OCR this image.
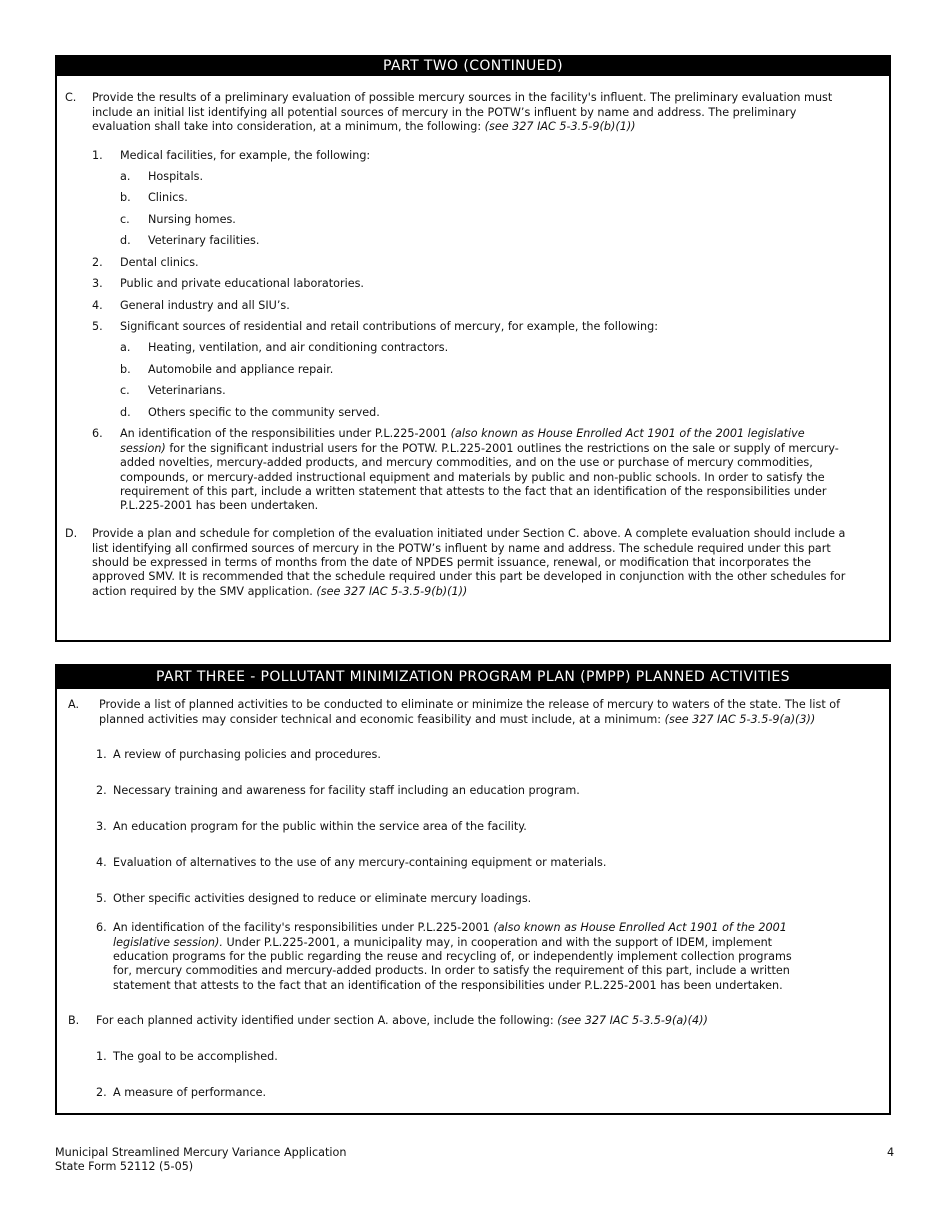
PART TWO (CONTINUED)
C. Provide the results of a preliminary evaluation of possible mercury sources in the facility's influent. The preliminary evaluation must
include an initial list identifying all potential sources of mercury in the POTW’s influent by name and address. The preliminary
evaluation shall take into consideration, at a minimum, the following: (see 327 IAC 5-3.5-9(b)(1))
1. Medical facilities, for example, the following:
a. Hospitals.
b. Clinics.
c. Nursing homes.
d. Veterinary facilities.
2. Dental clinics.
3. Public and private educational laboratories.
4. General industry and all SIU’s.
5. Significant sources of residential and retail contributions of mercury, for example, the following:
a. Heating, ventilation, and air conditioning contractors.
b. Automobile and appliance repair.
c. Veterinarians.
d. Others specific to the community served.
6. An identification of the responsibilities under P.L.225-2001 (also known as House Enrolled Act 1901 of the 2001 legislative
session) for the significant industrial users for the POTW. P.L.225-2001 outlines the restrictions on the sale or supply of mercury-
added novelties, mercury-added products, and mercury commodities, and on the use or purchase of mercury commodities,
compounds, or mercury-added instructional equipment and materials by public and non-public schools. In order to satisfy the
requirement of this part, include a written statement that attests to the fact that an identification of the responsibilities under
P.L.225-2001 has been undertaken.
D. Provide a plan and schedule for completion of the evaluation initiated under Section C. above. A complete evaluation should include a
list identifying all confirmed sources of mercury in the POTW’s influent by name and address. The schedule required under this part
should be expressed in terms of months from the date of NPDES permit issuance, renewal, or modification that incorporates the
approved SMV. It is recommended that the schedule required under this part be developed in conjunction with the other schedules for
action required by the SMV application. (see 327 IAC 5-3.5-9(b)(1))
PART THREE - POLLUTANT MINIMIZATION PROGRAM PLAN (PMPP) PLANNED ACTIVITIES
A. Provide a list of planned activities to be conducted to eliminate or minimize the release of mercury to waters of the state. The list of
planned activities may consider technical and economic feasibility and must include, at a minimum: (see 327 IAC 5-3.5-9(a)(3))
1. A review of purchasing policies and procedures.
2. Necessary training and awareness for facility staff including an education program.
3. An education program for the public within the service area of the facility.
4. Evaluation of alternatives to the use of any mercury-containing equipment or materials.
5. Other specific activities designed to reduce or eliminate mercury loadings.
6. An identification of the facility's responsibilities under P.L.225-2001 (also known as House Enrolled Act 1901 of the 2001
legislative session). Under P.L.225-2001, a municipality may, in cooperation and with the support of IDEM, implement
education programs for the public regarding the reuse and recycling of, or independently implement collection programs
for, mercury commodities and mercury-added products. In order to satisfy the requirement of this part, include a written
statement that attests to the fact that an identification of the responsibilities under P.L.225-2001 has been undertaken.
B. For each planned activity identified under section A. above, include the following: (see 327 IAC 5-3.5-9(a)(4))
1. The goal to be accomplished.
2. A measure of performance.
Municipal Streamlined Mercury Variance Application
State Form 52112 (5-05)
4
